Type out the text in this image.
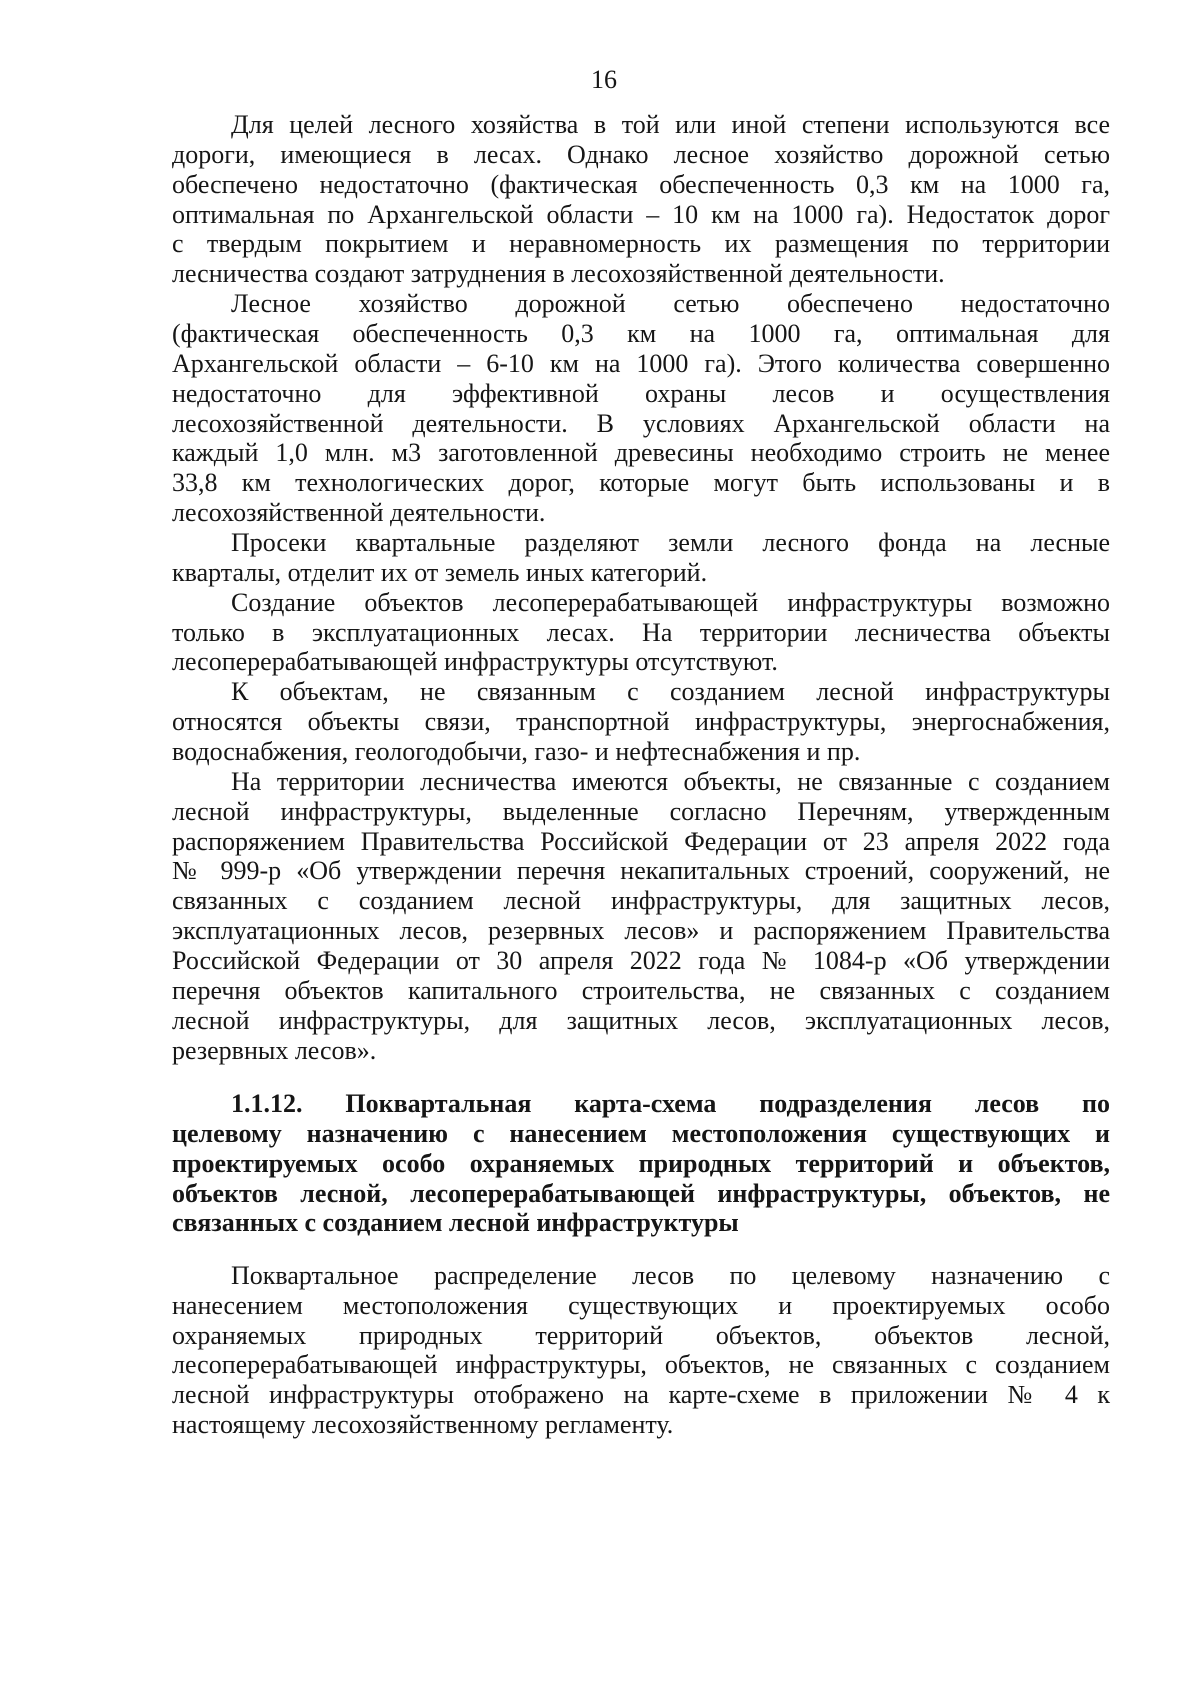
16
Для целей лесного хозяйства в той или иной степени используются все
дороги, имеющиеся в лесах. Однако лесное хозяйство дорожной сетью
обеспечено недостаточно (фактическая обеспеченность 0,3 км на 1000 га,
оптимальная по Архангельской области – 10 км на 1000 га). Недостаток дорог
с твердым покрытием и неравномерность их размещения по территории
лесничества создают затруднения в лесохозяйственной деятельности.
Лесное хозяйство дорожной сетью обеспечено недостаточно
(фактическая обеспеченность 0,3 км на 1000 га, оптимальная для
Архангельской области – 6-10 км на 1000 га). Этого количества совершенно
недостаточно для эффективной охраны лесов и осуществления
лесохозяйственной деятельности. В условиях Архангельской области на
каждый 1,0 млн. м3 заготовленной древесины необходимо строить не менее
33,8 км технологических дорог, которые могут быть использованы и в
лесохозяйственной деятельности.
Просеки квартальные разделяют земли лесного фонда на лесные
кварталы, отделит их от земель иных категорий.
Создание объектов лесоперерабатывающей инфраструктуры возможно
только в эксплуатационных лесах. На территории лесничества объекты
лесоперерабатывающей инфраструктуры отсутствуют.
К объектам, не связанным с созданием лесной инфраструктуры
относятся объекты связи, транспортной инфраструктуры, энергоснабжения,
водоснабжения, геологодобычи, газо- и нефтеснабжения и пр.
На территории лесничества имеются объекты, не связанные с созданием
лесной инфраструктуры, выделенные согласно Перечням, утвержденным
распоряжением Правительства Российской Федерации от 23 апреля 2022 года
№ 999-р «Об утверждении перечня некапитальных строений, сооружений, не
связанных с созданием лесной инфраструктуры, для защитных лесов,
эксплуатационных лесов, резервных лесов» и распоряжением Правительства
Российской Федерации от 30 апреля 2022 года № 1084-р «Об утверждении
перечня объектов капитального строительства, не связанных с созданием
лесной инфраструктуры, для защитных лесов, эксплуатационных лесов,
резервных лесов».
1.1.12. Поквартальная карта-схема подразделения лесов по
целевому назначению с нанесением местоположения существующих и
проектируемых особо охраняемых природных территорий и объектов,
объектов лесной, лесоперерабатывающей инфраструктуры, объектов, не
связанных с созданием лесной инфраструктуры
Поквартальное распределение лесов по целевому назначению с
нанесением местоположения существующих и проектируемых особо
охраняемых природных территорий объектов, объектов лесной,
лесоперерабатывающей инфраструктуры, объектов, не связанных с созданием
лесной инфраструктуры отображено на карте-схеме в приложении № 4 к
настоящему лесохозяйственному регламенту.
